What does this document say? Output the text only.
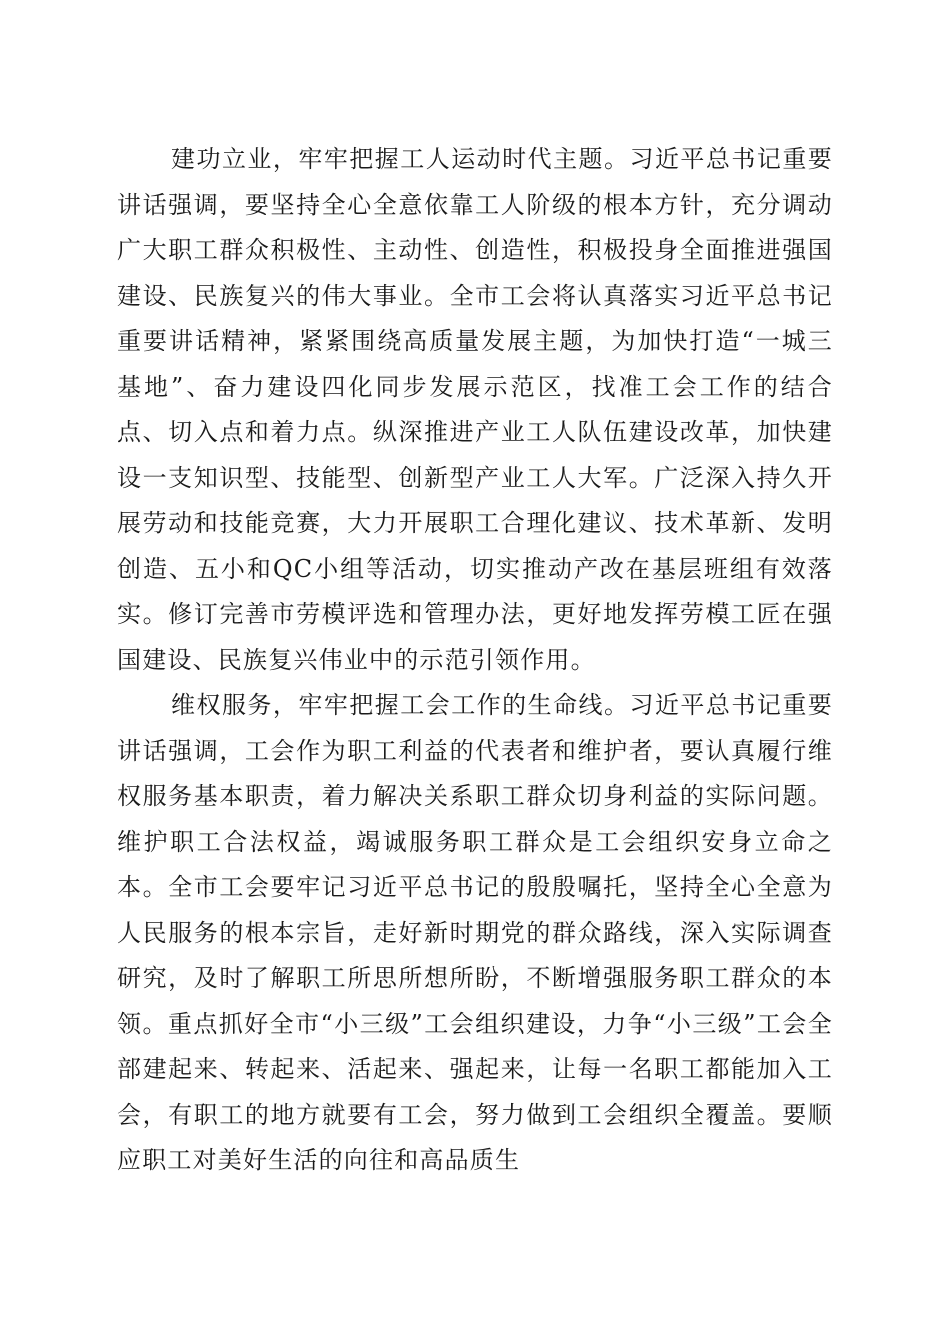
建功立业，牢牢把握工人运动时代主题。习近平总书记重要讲话强调，要坚持全心全意依靠工人阶级的根本方针，充分调动广大职工群众积极性、主动性、创造性，积极投身全面推进强国建设、民族复兴的伟大事业。全市工会将认真落实习近平总书记重要讲话精神，紧紧围绕高质量发展主题，为加快打造“一城三基地”、奋力建设四化同步发展示范区，找准工会工作的结合点、切入点和着力点。纵深推进产业工人队伍建设改革，加快建设一支知识型、技能型、创新型产业工人大军。广泛深入持久开展劳动和技能竞赛，大力开展职工合理化建议、技术革新、发明创造、五小和QC小组等活动，切实推动产改在基层班组有效落实。修订完善市劳模评选和管理办法，更好地发挥劳模工匠在强国建设、民族复兴伟业中的示范引领作用。

维权服务，牢牢把握工会工作的生命线。习近平总书记重要讲话强调，工会作为职工利益的代表者和维护者，要认真履行维权服务基本职责，着力解决关系职工群众切身利益的实际问题。维护职工合法权益，竭诚服务职工群众是工会组织安身立命之本。全市工会要牢记习近平总书记的殷殷嘱托，坚持全心全意为人民服务的根本宗旨，走好新时期党的群众路线，深入实际调查研究，及时了解职工所思所想所盼，不断增强服务职工群众的本领。重点抓好全市“小三级”工会组织建设，力争“小三级”工会全部建起来、转起来、活起来、强起来，让每一名职工都能加入工会，有职工的地方就要有工会，努力做到工会组织全覆盖。要顺应职工对美好生活的向往和高品质生
